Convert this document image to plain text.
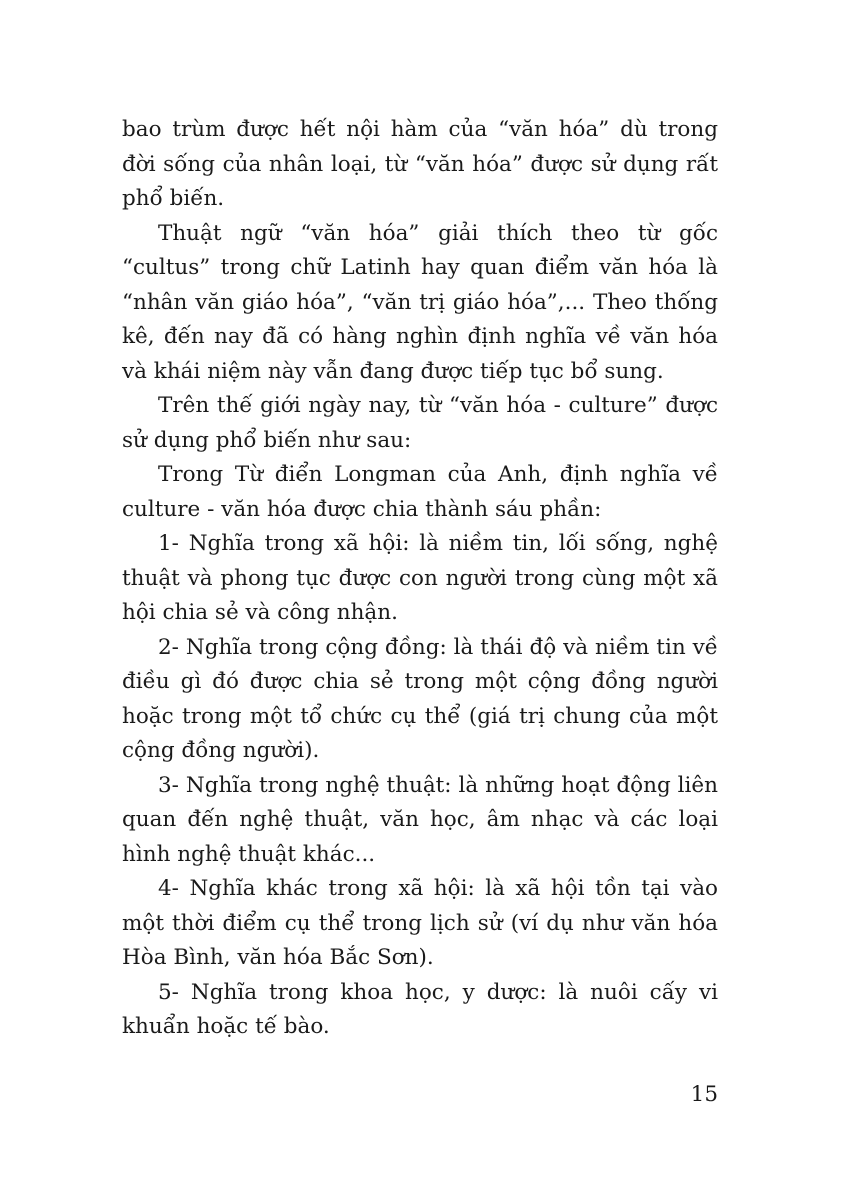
bao trùm được hết nội hàm của “văn hóa” dù trong đời sống của nhân loại, từ “văn hóa” được sử dụng rất phổ biến.

Thuật ngữ “văn hóa” giải thích theo từ gốc “cultus” trong chữ Latinh hay quan điểm văn hóa là “nhân văn giáo hóa”, “văn trị giáo hóa”,... Theo thống kê, đến nay đã có hàng nghìn định nghĩa về văn hóa và khái niệm này vẫn đang được tiếp tục bổ sung.

Trên thế giới ngày nay, từ “văn hóa - culture” được sử dụng phổ biến như sau:

Trong Từ điển Longman của Anh, định nghĩa về culture - văn hóa được chia thành sáu phần:

1- Nghĩa trong xã hội: là niềm tin, lối sống, nghệ thuật và phong tục được con người trong cùng một xã hội chia sẻ và công nhận.

2- Nghĩa trong cộng đồng: là thái độ và niềm tin về điều gì đó được chia sẻ trong một cộng đồng người hoặc trong một tổ chức cụ thể (giá trị chung của một cộng đồng người).

3- Nghĩa trong nghệ thuật: là những hoạt động liên quan đến nghệ thuật, văn học, âm nhạc và các loại hình nghệ thuật khác...

4- Nghĩa khác trong xã hội: là xã hội tồn tại vào một thời điểm cụ thể trong lịch sử (ví dụ như văn hóa Hòa Bình, văn hóa Bắc Sơn).

5- Nghĩa trong khoa học, y dược: là nuôi cấy vi khuẩn hoặc tế bào.

15
